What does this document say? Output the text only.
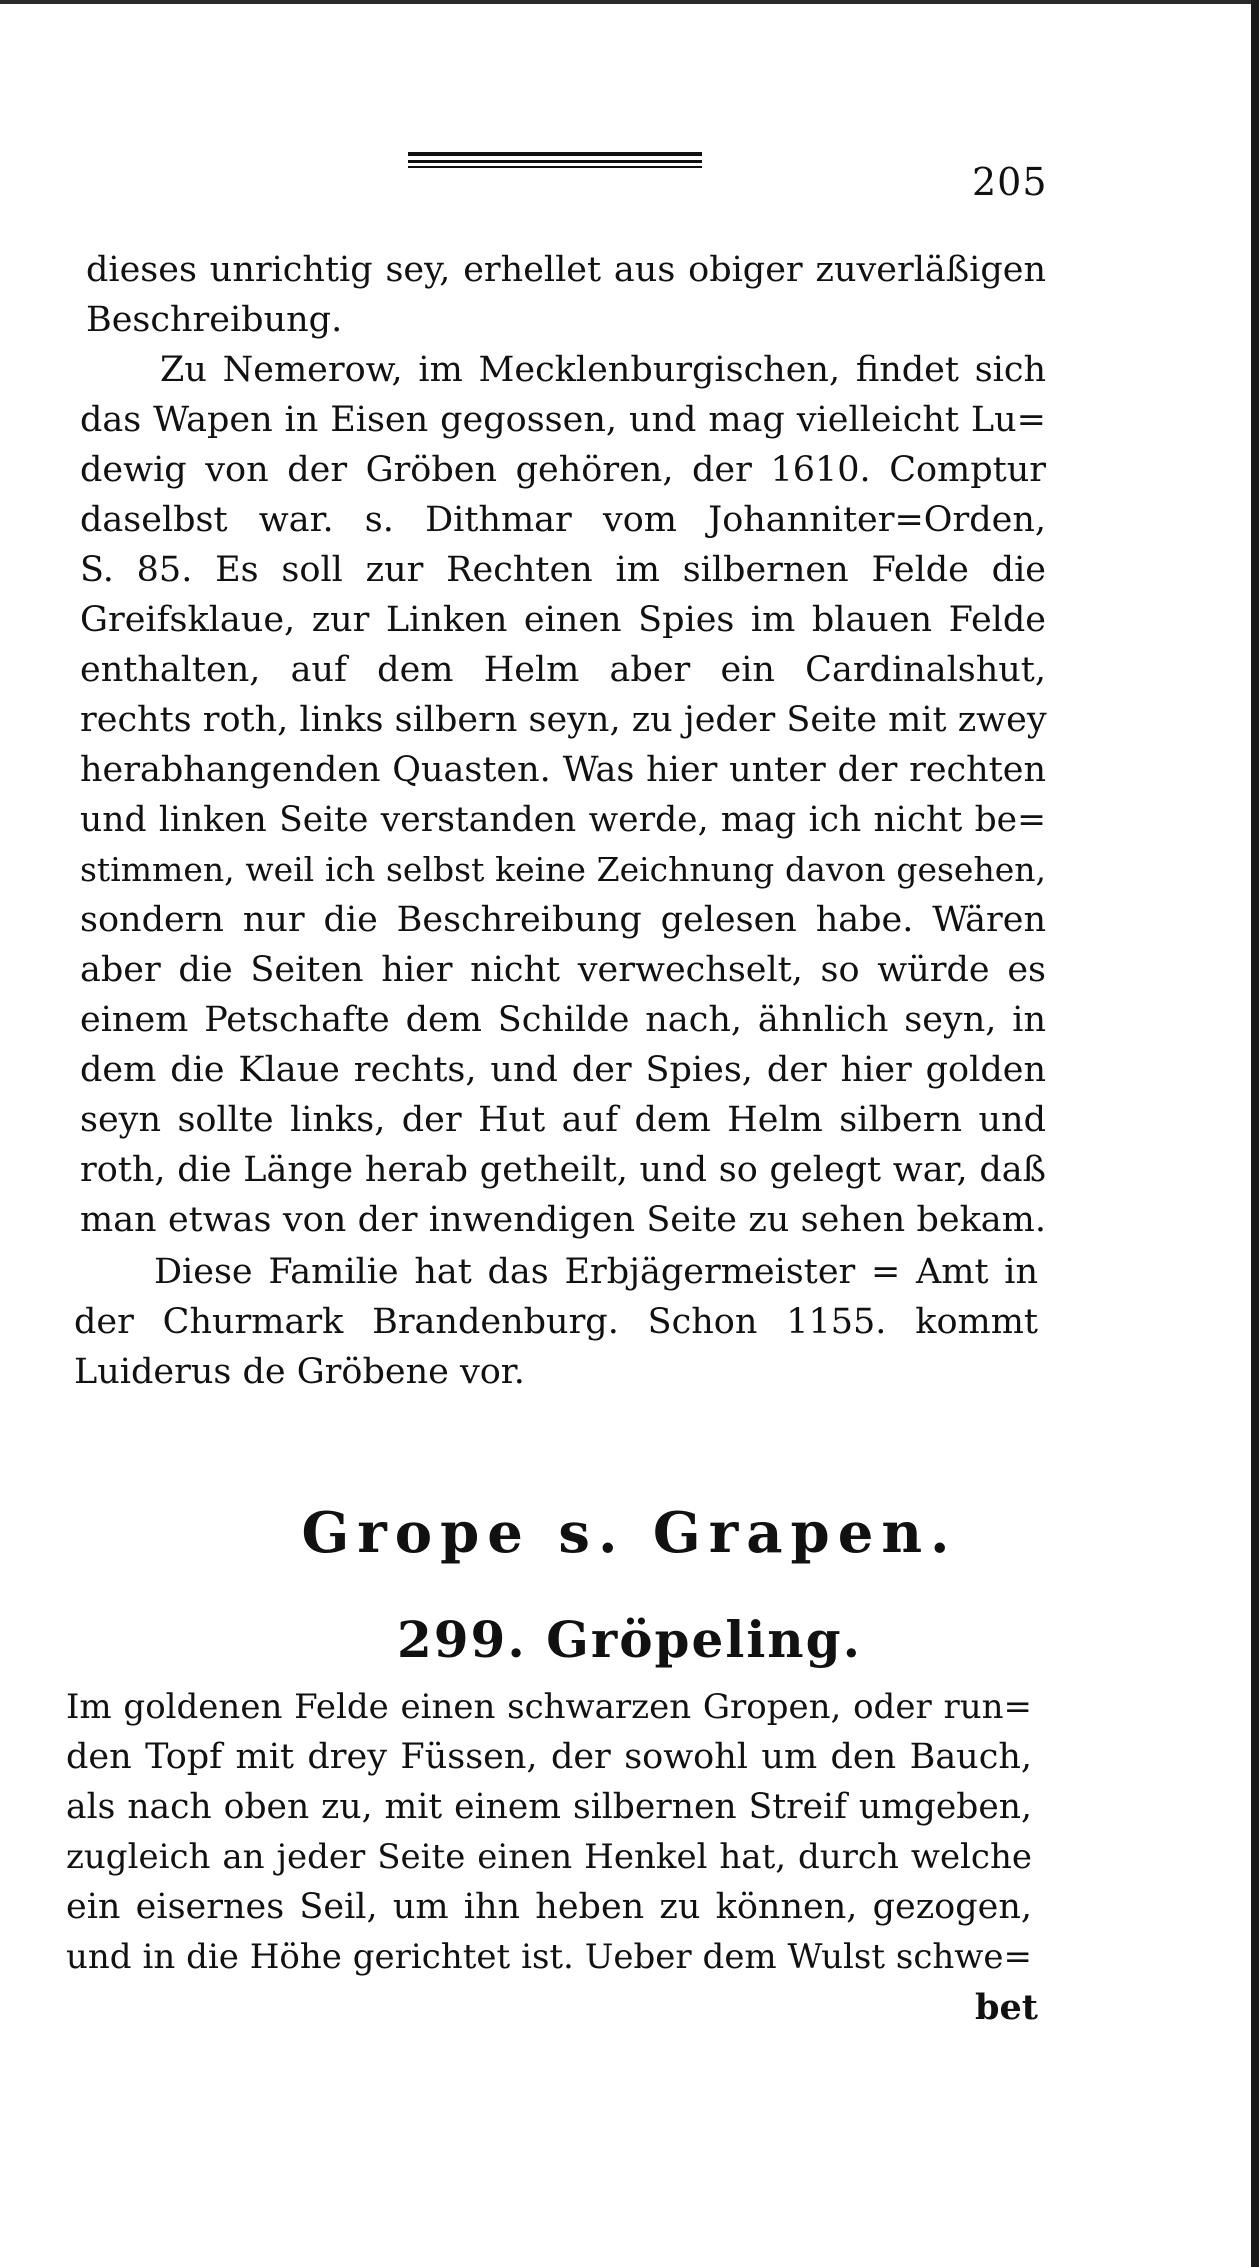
205
dieses unrichtig sey, erhellet aus obiger zuverläßigen
Beschreibung.
Zu Nemerow, im Mecklenburgischen, findet sich
das Wapen in Eisen gegossen, und mag vielleicht Lu=
dewig von der Gröben gehören, der 1610. Comptur
daselbst war. s. Dithmar vom Johanniter=Orden,
S. 85. Es soll zur Rechten im silbernen Felde die
Greifsklaue, zur Linken einen Spies im blauen Felde
enthalten, auf dem Helm aber ein Cardinalshut,
rechts roth, links silbern seyn, zu jeder Seite mit zwey
herabhangenden Quasten. Was hier unter der rechten
und linken Seite verstanden werde, mag ich nicht be=
stimmen, weil ich selbst keine Zeichnung davon gesehen,
sondern nur die Beschreibung gelesen habe. Wären
aber die Seiten hier nicht verwechselt, so würde es
einem Petschafte dem Schilde nach, ähnlich seyn, in
dem die Klaue rechts, und der Spies, der hier golden
seyn sollte links, der Hut auf dem Helm silbern und
roth, die Länge herab getheilt, und so gelegt war, daß
man etwas von der inwendigen Seite zu sehen bekam.
Diese Familie hat das Erbjägermeister = Amt in
der Churmark Brandenburg. Schon 1155. kommt
Luiderus de Gröbene vor.
Grope s. Grapen.
299. Gröpeling.
Im goldenen Felde einen schwarzen Gropen, oder run=
den Topf mit drey Füssen, der sowohl um den Bauch,
als nach oben zu, mit einem silbernen Streif umgeben,
zugleich an jeder Seite einen Henkel hat, durch welche
ein eisernes Seil, um ihn heben zu können, gezogen,
und in die Höhe gerichtet ist. Ueber dem Wulst schwe=
bet
